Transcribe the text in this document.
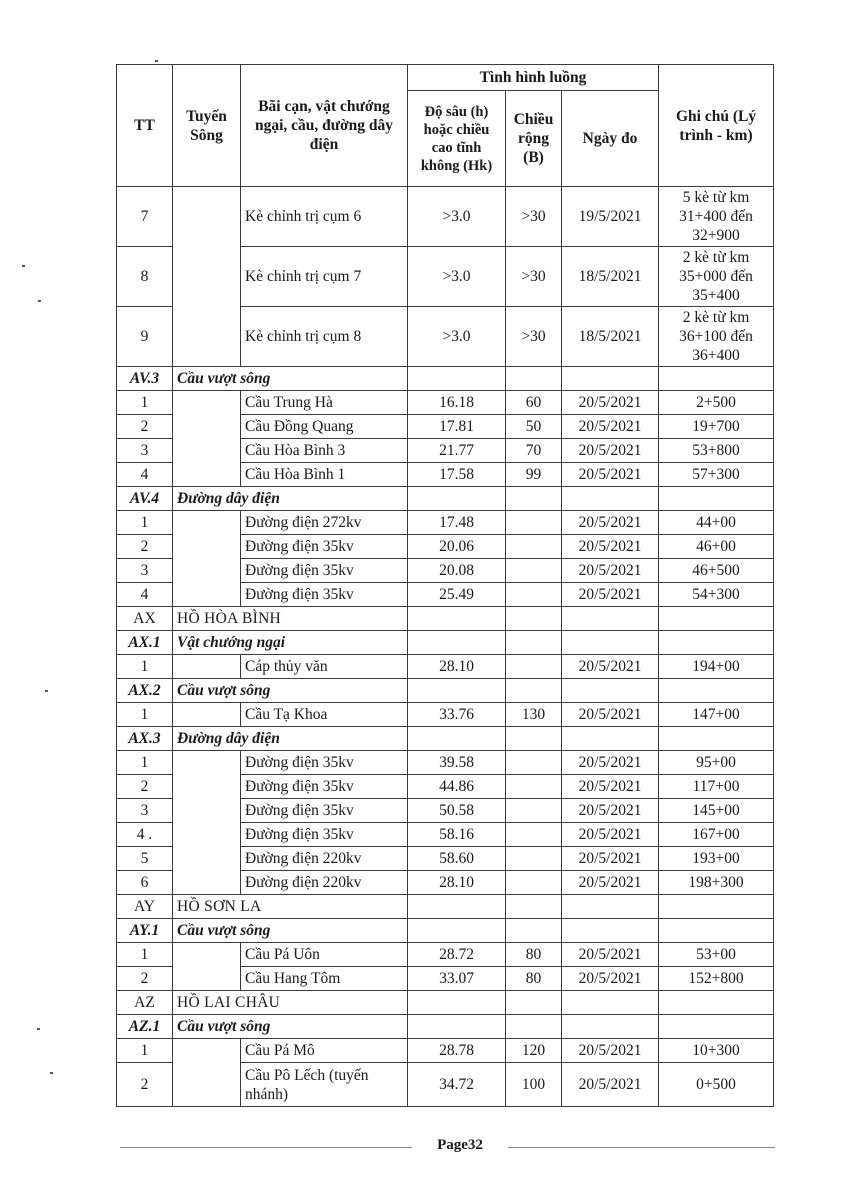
TT	Tuyến Sông	Bãi cạn, vật chướng ngại, cầu, đường dây điện	Tình hình luồng			Ghi chú (Lý trình - km)
			Độ sâu (h) hoặc chiều cao tĩnh không (Hk)	Chiều rộng (B)	Ngày đo	
7		Kè chỉnh trị cụm 6	>3.0	>30	19/5/2021	5 kè từ km 31+400 đến 32+900
8		Kè chỉnh trị cụm 7	>3.0	>30	18/5/2021	2 kè từ km 35+000 đến 35+400
9		Kè chỉnh trị cụm 8	>3.0	>30	18/5/2021	2 kè từ km 36+100 đến 36+400
AV.3	Cầu vượt sông					
1		Cầu Trung Hà	16.18	60	20/5/2021	2+500
2		Cầu Đồng Quang	17.81	50	20/5/2021	19+700
3		Cầu Hòa Bình 3	21.77	70	20/5/2021	53+800
4		Cầu Hòa Bình 1	17.58	99	20/5/2021	57+300
AV.4	Đường dây điện					
1		Đường điện 272kv	17.48		20/5/2021	44+00
2		Đường điện 35kv	20.06		20/5/2021	46+00
3		Đường điện 35kv	20.08		20/5/2021	46+500
4		Đường điện 35kv	25.49		20/5/2021	54+300
AX	HỒ HÒA BÌNH					
AX.1	Vật chướng ngại					
1		Cáp thủy văn	28.10		20/5/2021	194+00
AX.2	Cầu vượt sông					
1		Cầu Tạ Khoa	33.76	130	20/5/2021	147+00
AX.3	Đường dây điện					
1		Đường điện 35kv	39.58		20/5/2021	95+00
2		Đường điện 35kv	44.86		20/5/2021	117+00
3		Đường điện 35kv	50.58		20/5/2021	145+00
4 .		Đường điện 35kv	58.16		20/5/2021	167+00
5		Đường điện 220kv	58.60		20/5/2021	193+00
6		Đường điện 220kv	28.10		20/5/2021	198+300
AY	HỒ SƠN LA					
AY.1	Cầu vượt sông					
1		Cầu Pá Uôn	28.72	80	20/5/2021	53+00
2		Cầu Hang Tôm	33.07	80	20/5/2021	152+800
AZ	HỒ LAI CHÂU					
AZ.1	Cầu vượt sông					
1		Cầu Pá Mô	28.78	120	20/5/2021	10+300
2		Cầu Pô Lếch (tuyến nhánh)	34.72	100	20/5/2021	0+500
Page32
